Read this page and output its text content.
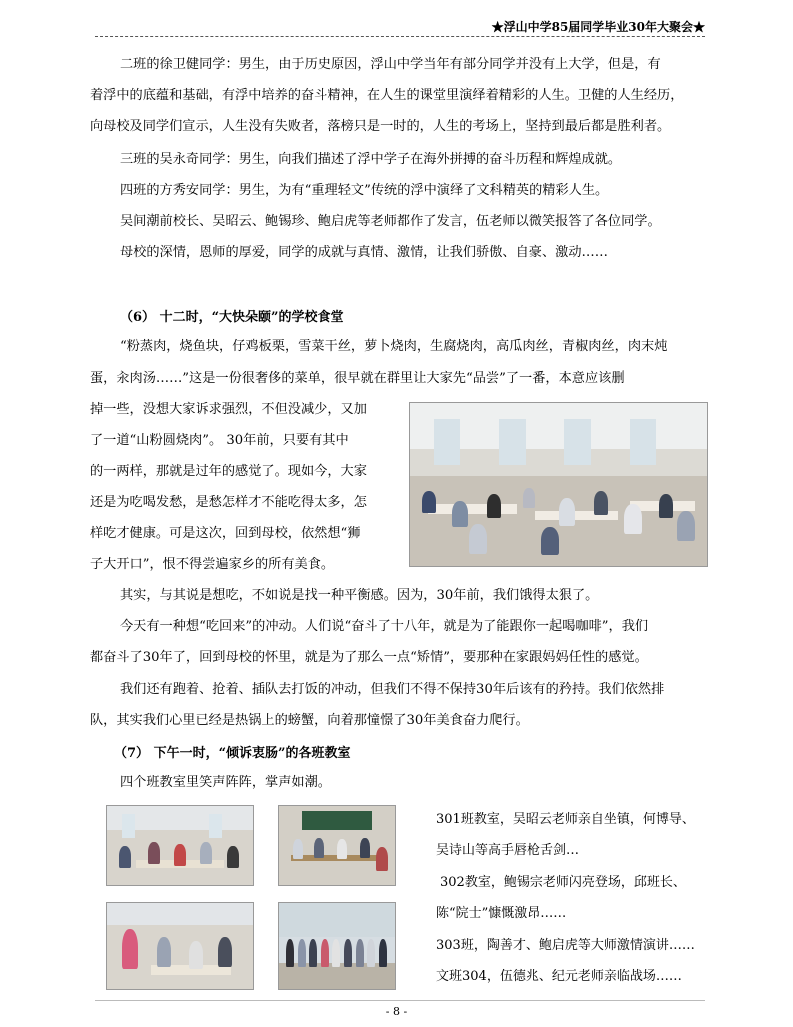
★浮山中学85届同学毕业30年大聚会★
二班的徐卫健同学：男生，由于历史原因，浮山中学当年有部分同学并没有上大学，但是，有
着浮中的底蕴和基础，有浮中培养的奋斗精神，在人生的课堂里演绎着精彩的人生。卫健的人生经历，
向母校及同学们宣示，人生没有失败者，落榜只是一时的，人生的考场上，坚持到最后都是胜利者。
三班的吴永奇同学：男生，向我们描述了浮中学子在海外拼搏的奋斗历程和辉煌成就。
四班的方秀安同学：男生，为有“重理轻文”传统的浮中演绎了文科精英的精彩人生。
吴间潮前校长、吴昭云、鲍锡珍、鲍启虎等老师都作了发言，伍老师以微笑报答了各位同学。
母校的深情，恩师的厚爱，同学的成就与真情、激情，让我们骄傲、自豪、激动……
（6） 十二时，“大快朵颐”的学校食堂
“粉蒸肉，烧鱼块，仔鸡板栗，雪菜干丝，萝卜烧肉，生腐烧肉，高瓜肉丝，青椒肉丝，肉末炖
蛋，汆肉汤……”这是一份很奢侈的菜单，很早就在群里让大家先“品尝”了一番，本意应该删
掉一些，没想大家诉求强烈，不但没减少，又加
了一道“山粉圆烧肉”。 30年前，只要有其中
的一两样，那就是过年的感觉了。现如今，大家
还是为吃喝发愁，是愁怎样才不能吃得太多，怎
样吃才健康。可是这次，回到母校，依然想“狮
子大开口”，恨不得尝遍家乡的所有美食。
其实，与其说是想吃，不如说是找一种平衡感。因为，30年前，我们饿得太狠了。
今天有一种想“吃回来”的冲动。人们说“奋斗了十八年，就是为了能跟你一起喝咖啡”，我们
都奋斗了30年了，回到母校的怀里，就是为了那么一点“矫情”，要那种在家跟妈妈任性的感觉。
我们还有跑着、抢着、插队去打饭的冲动，但我们不得不保持30年后该有的矜持。我们依然排
队，其实我们心里已经是热锅上的螃蟹，向着那憧憬了30年美食奋力爬行。
（7） 下午一时，“倾诉衷肠”的各班教室
四个班教室里笑声阵阵，掌声如潮。
301班教室，吴昭云老师亲自坐镇，何博导、
吴诗山等高手唇枪舌剑…
302教室，鲍锡宗老师闪亮登场，邱班长、
陈“院士”慷慨激昂……
303班，陶善才、鲍启虎等大师激情演讲……
文班304，伍德兆、纪元老师亲临战场……
- 8 -
